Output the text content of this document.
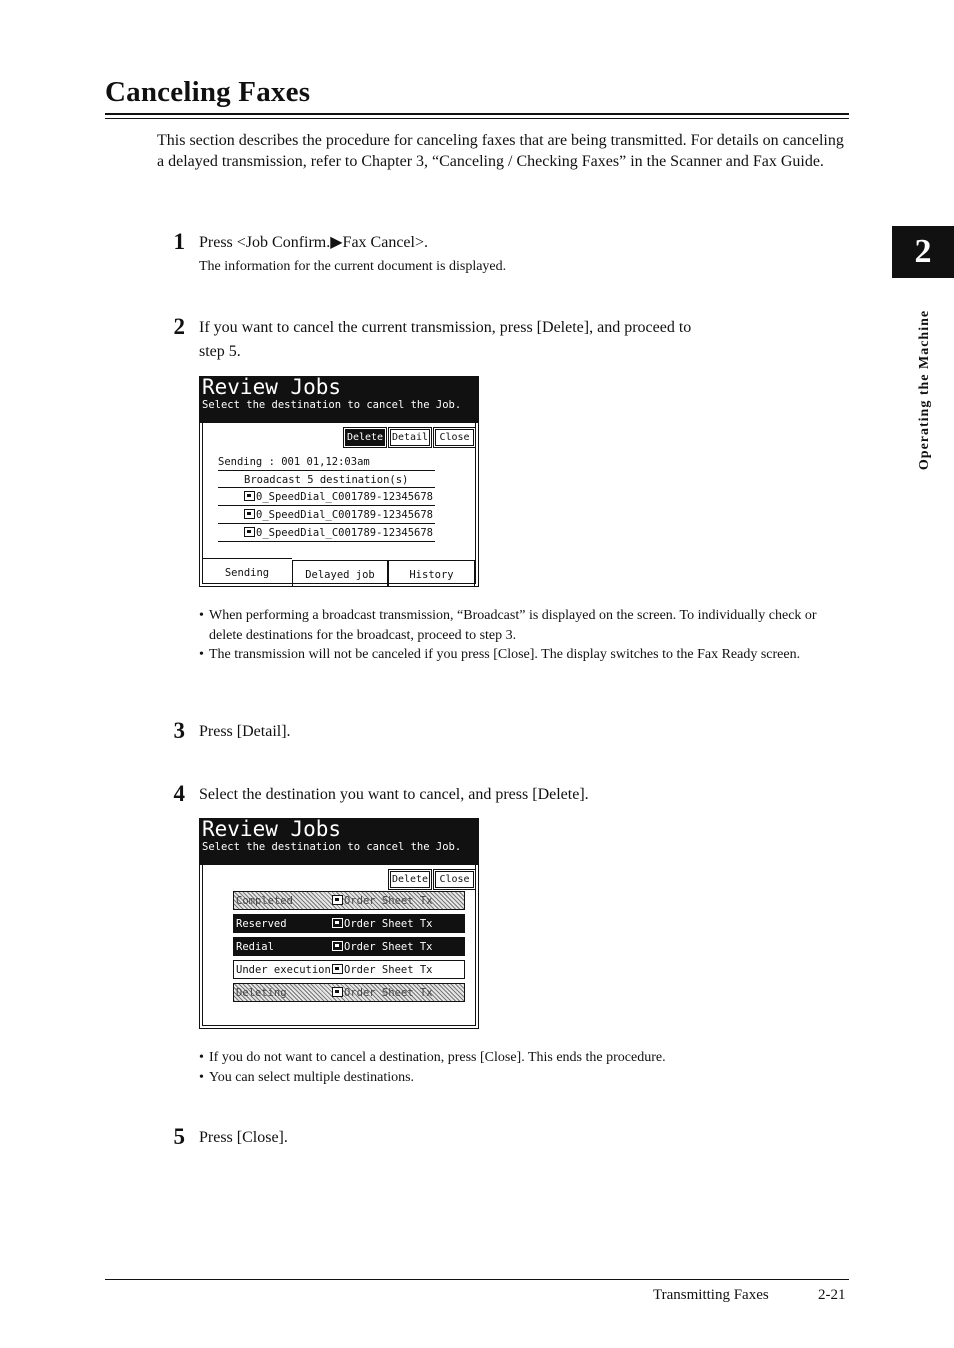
Canceling Faxes
This section describes the procedure for canceling faxes that are being transmitted. For details on canceling a delayed transmission, refer to Chapter 3, “Canceling / Checking Faxes” in the Scanner and Fax Guide.
2
Operating the Machine
1 Press <Job Confirm.▶Fax Cancel>.
The information for the current document is displayed.
2 If you want to cancel the current transmission, press [Delete], and proceed to
step 5.
Review Jobs
Select the destination to cancel the Job.
Delete Detail	Close
Sending : 001 01,12:03am
Broadcast 5 destination(s)
0_SpeedDial_C001789-12345678
0_SpeedDial_C001789-12345678
0_SpeedDial_C001789-12345678
Sending	Delayed job	History
• When performing a broadcast transmission, “Broadcast” is displayed on the screen. To individually check or delete destinations for the broadcast, proceed to step 3.
• The transmission will not be canceled if you press [Close]. The display switches to the Fax Ready screen.
3 Press [Detail].
4 Select the destination you want to cancel, and press [Delete].
Review Jobs
Select the destination to cancel the Job.
Delete	Close
Completed	Order Sheet Tx
Reserved	Order Sheet Tx
Redial	Order Sheet Tx
Under execution	Order Sheet Tx
Deleting	Order Sheet Tx
• If you do not want to cancel a destination, press [Close]. This ends the procedure.
• You can select multiple destinations.
5 Press [Close].
Transmitting Faxes	2-21
